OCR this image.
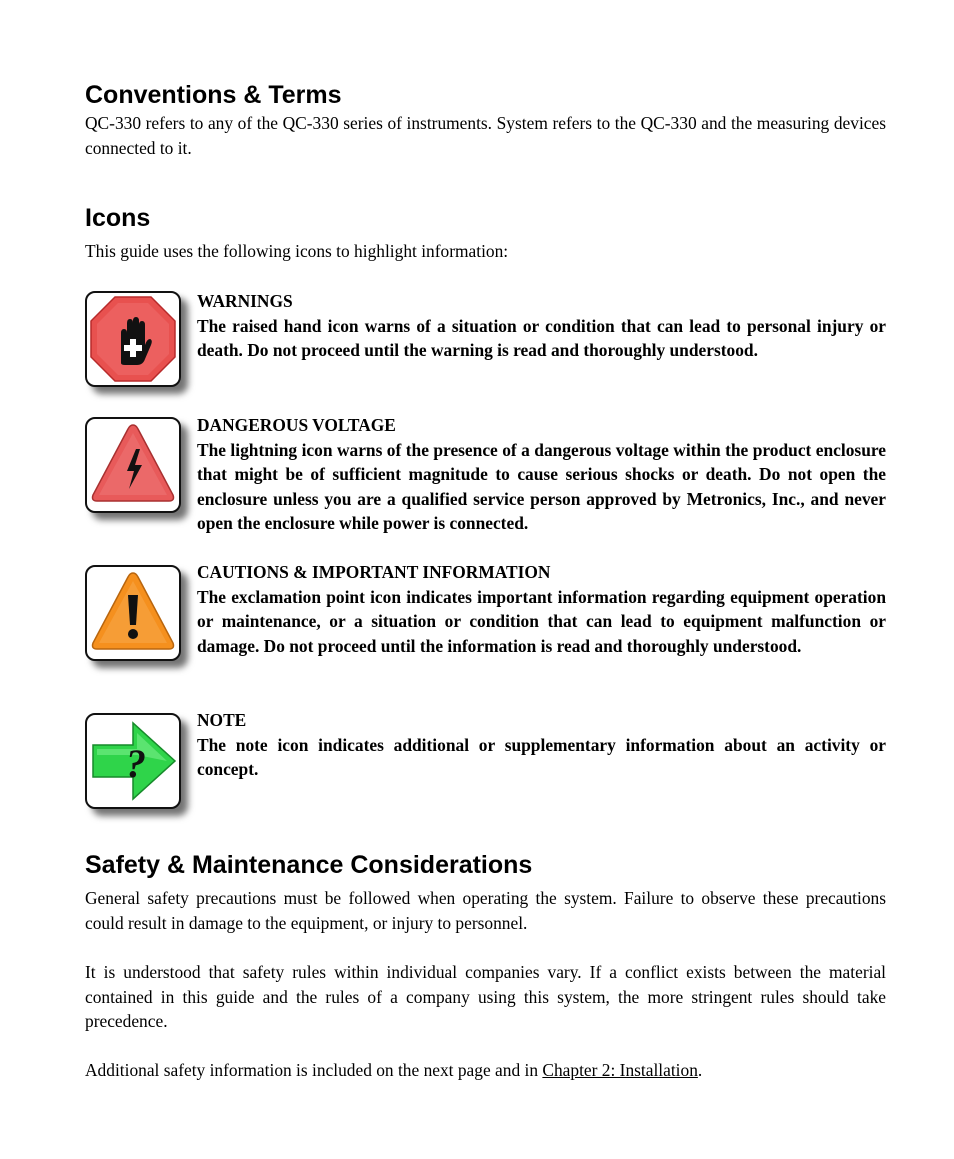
Conventions & Terms

QC-330 refers to any of the QC-330 series of instruments. System refers to the QC-330 and the measuring devices connected to it.

Icons

This guide uses the following icons to highlight information:

WARNINGS
The raised hand icon warns of a situation or condition that can lead to personal injury or death. Do not proceed until the warning is read and thoroughly understood.

DANGEROUS VOLTAGE
The lightning icon warns of the presence of a dangerous voltage within the product enclosure that might be of sufficient magnitude to cause serious shocks or death. Do not open the enclosure unless you are a qualified service person approved by Metronics, Inc., and never open the enclosure while power is connected.

CAUTIONS & IMPORTANT INFORMATION
The exclamation point icon indicates important information regarding equipment operation or maintenance, or a situation or condition that can lead to equipment malfunction or damage. Do not proceed until the information is read and thoroughly understood.

?

NOTE
The note icon indicates additional or supplementary information about an activity or concept.

Safety & Maintenance Considerations

General safety precautions must be followed when operating the system. Failure to observe these precautions could result in damage to the equipment, or injury to personnel.

It is understood that safety rules within individual companies vary. If a conflict exists between the material contained in this guide and the rules of a company using this system, the more stringent rules should take precedence.

Additional safety information is included on the next page and in Chapter 2: Installation.
